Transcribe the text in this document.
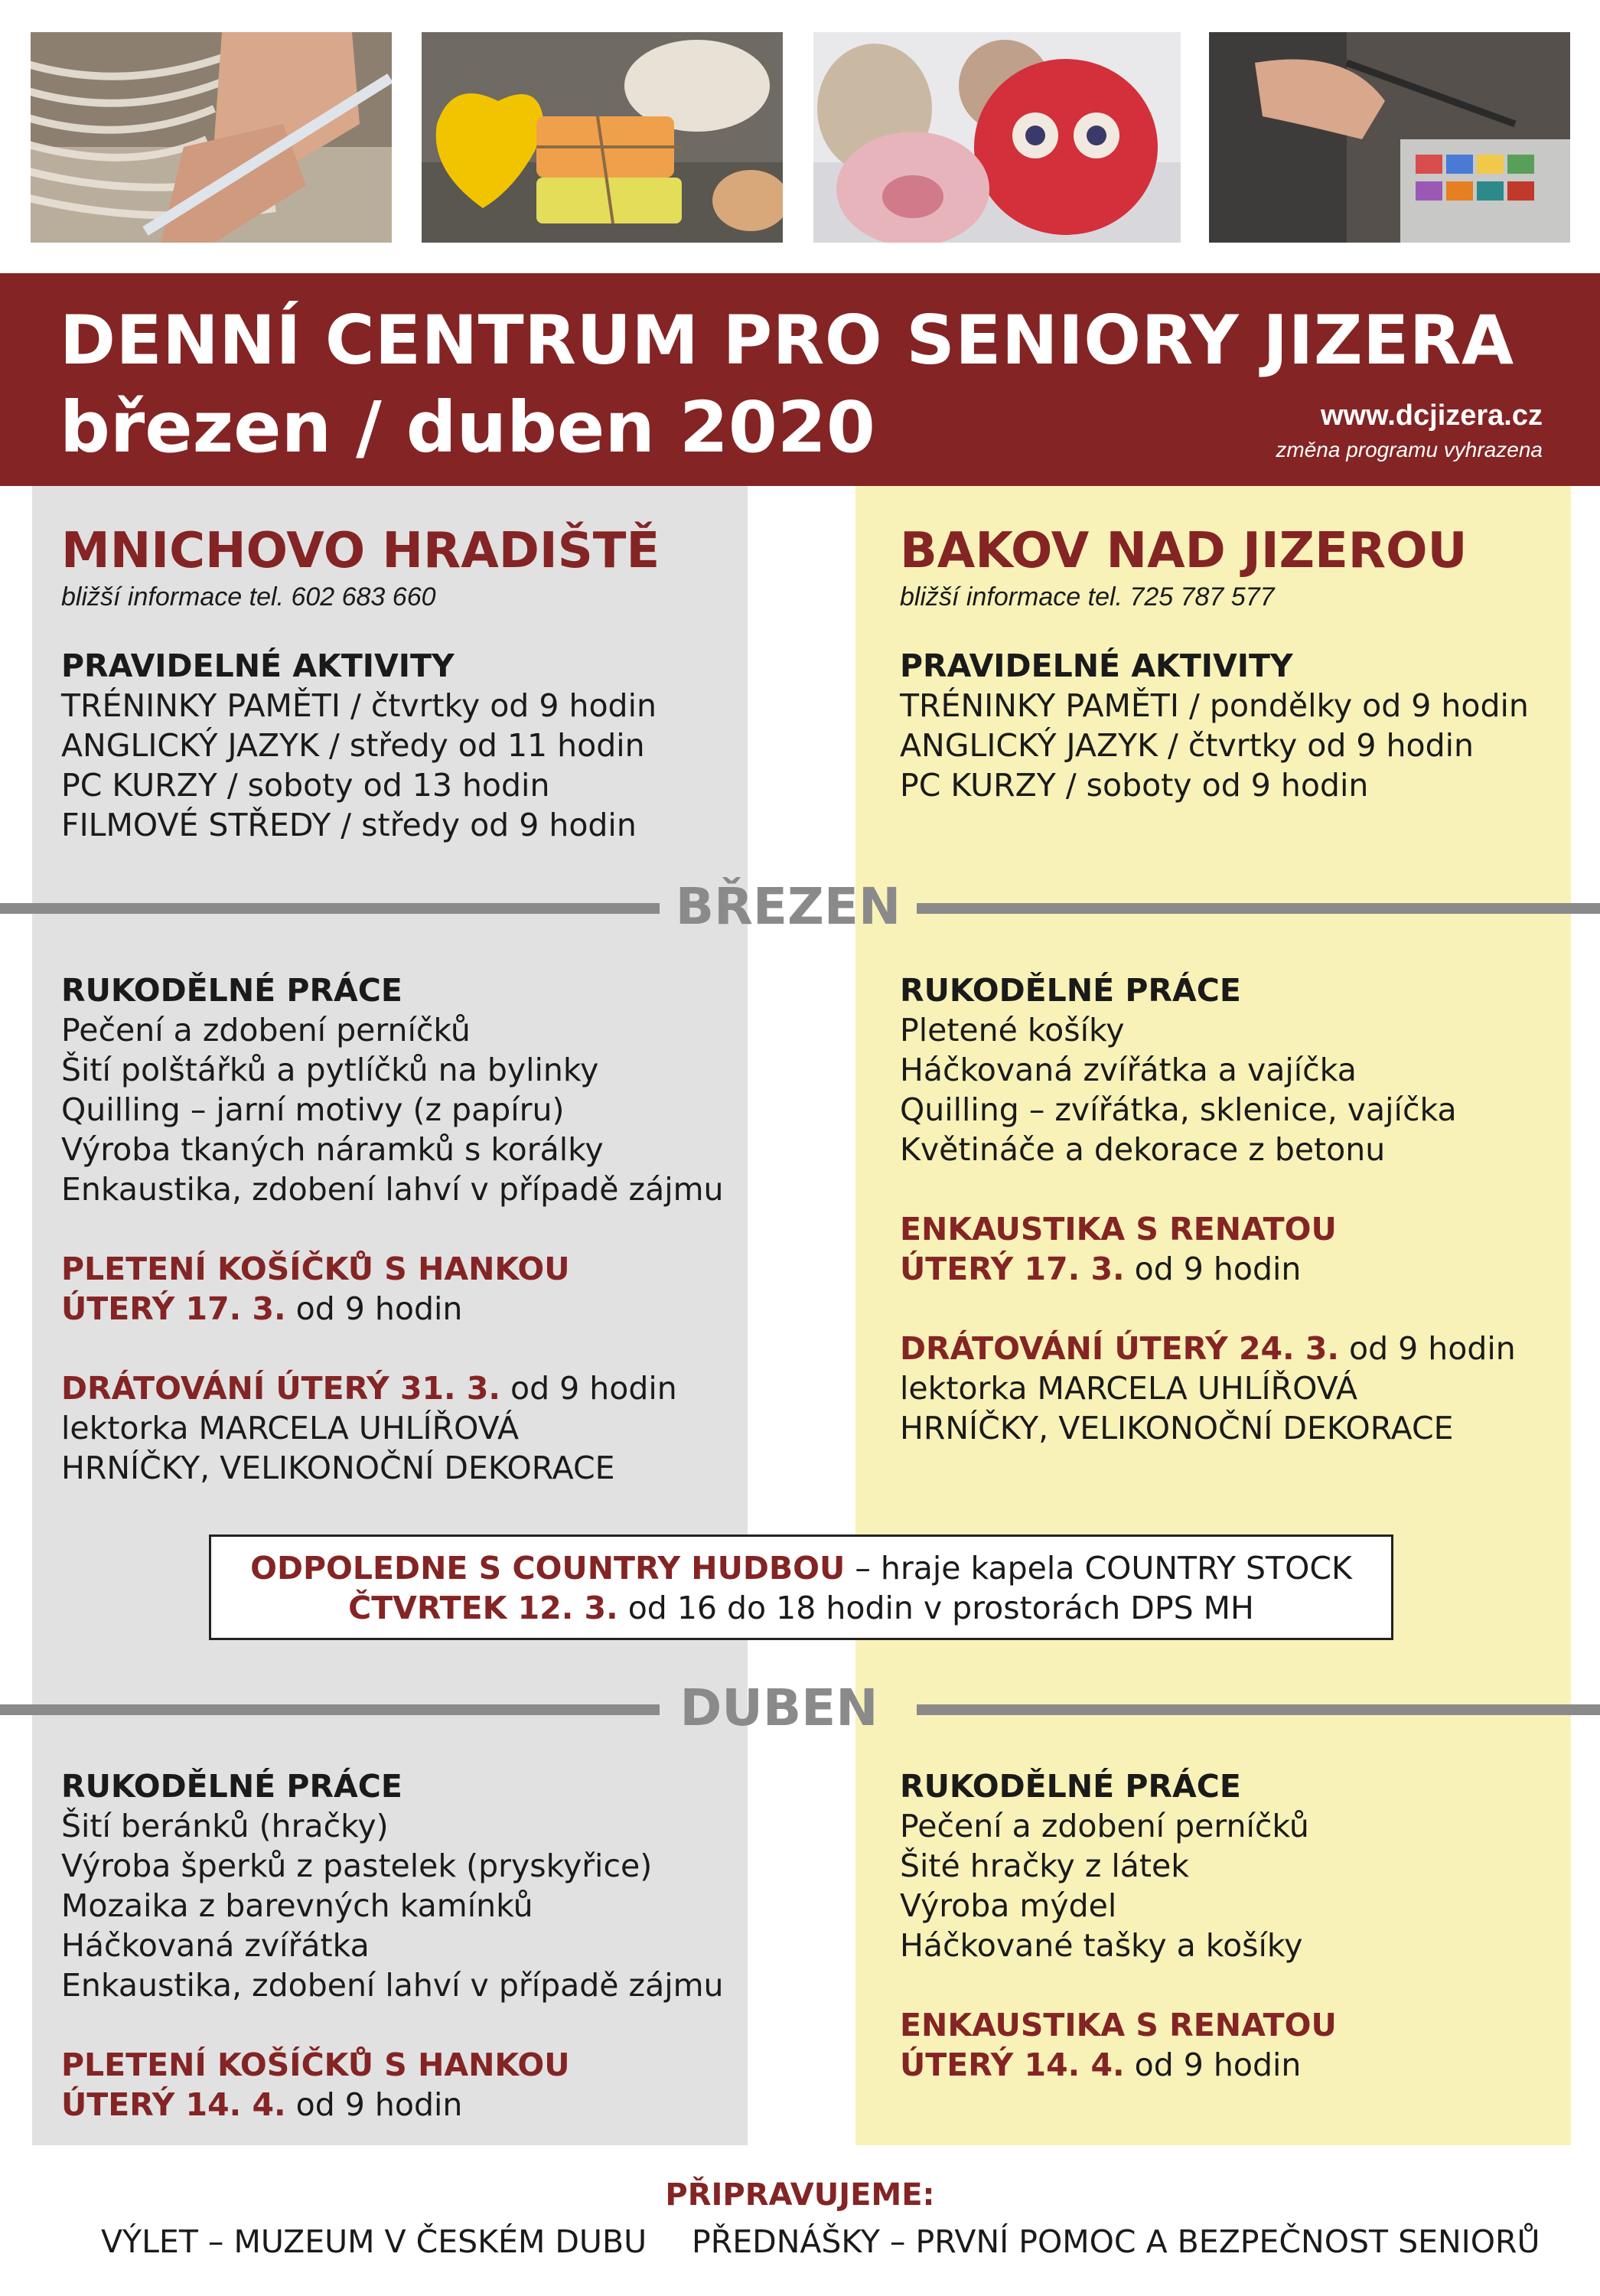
DENNÍ CENTRUM PRO SENIORY JIZERA
březen / duben 2020	www.dcjizera.cz
změna programu vyhrazena
MNICHOVO HRADIŠTĚ
bližší informace tel. 602 683 660

PRAVIDELNÉ AKTIVITY

TRÉNINKY PAMĚTI / čtvrtky od 9 hodin

ANGLICKÝ JAZYK / středy od 11 hodin

PC KURZY / soboty od 13 hodin

FILMOVÉ STŘEDY / středy od 9 hodin

BAKOV NAD JIZEROU
bližší informace tel. 725 787 577

PRAVIDELNÉ AKTIVITY

TRÉNINKY PAMĚTI / pondělky od 9 hodin

ANGLICKÝ JAZYK / čtvrtky od 9 hodin

PC KURZY / soboty od 9 hodin

BŘEZEN

RUKODĚLNÉ PRÁCE

Pečení a zdobení perníčků

Šití polštářků a pytlíčků na bylinky

Quilling – jarní motivy (z papíru)

Výroba tkaných náramků s korálky

Enkaustika, zdobení lahví v případě zájmu

PLETENÍ KOŠÍČKŮ S HANKOU

ÚTERÝ 17. 3. od 9 hodin

DRÁTOVÁNÍ ÚTERÝ 31. 3. od 9 hodin

lektorka MARCELA UHLÍŘOVÁ

HRNÍČKY, VELIKONOČNÍ DEKORACE

RUKODĚLNÉ PRÁCE

Pletené košíky

Háčkovaná zvířátka a vajíčka

Quilling – zvířátka, sklenice, vajíčka

Květináče a dekorace z betonu

ENKAUSTIKA S RENATOU

ÚTERÝ 17. 3. od 9 hodin

DRÁTOVÁNÍ ÚTERÝ 24. 3. od 9 hodin

lektorka MARCELA UHLÍŘOVÁ

HRNÍČKY, VELIKONOČNÍ DEKORACE

ODPOLEDNE S COUNTRY HUDBOU – hraje kapela COUNTRY STOCK

ČTVRTEK 12. 3. od 16 do 18 hodin v prostorách DPS MH

DUBEN

RUKODĚLNÉ PRÁCE

Šití beránků (hračky)

Výroba šperků z pastelek (pryskyřice)

Mozaika z barevných kamínků

Háčkovaná zvířátka

Enkaustika, zdobení lahví v případě zájmu

PLETENÍ KOŠÍČKŮ S HANKOU

ÚTERÝ 14. 4. od 9 hodin

RUKODĚLNÉ PRÁCE

Pečení a zdobení perníčků

Šité hračky z látek

Výroba mýdel

Háčkované tašky a košíky

ENKAUSTIKA S RENATOU

ÚTERÝ 14. 4. od 9 hodin

PŘIPRAVUJEME:
VÝLET – MUZEUM V ČESKÉM DUBU PŘEDNÁŠKY – PRVNÍ POMOC A BEZPEČNOST SENIORŮ
